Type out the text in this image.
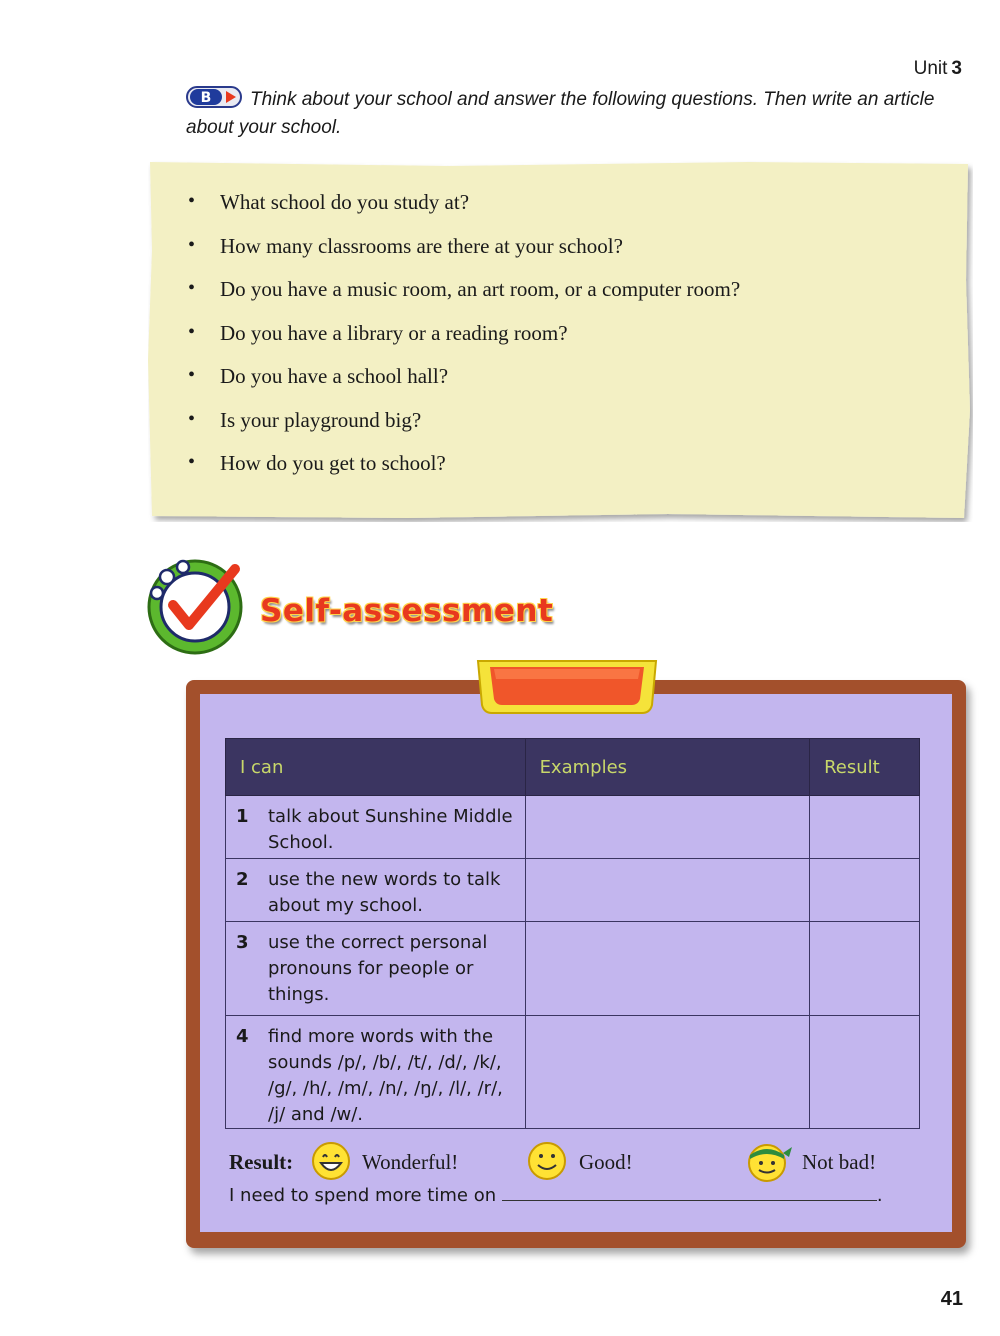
Unit 3
B Think about your school and answer the following questions. Then write an article about your school.
•	What school do you study at?
•	How many classrooms are there at your school?
•	Do you have a music room, an art room, or a computer room?
•	Do you have a library or a reading room?
•	Do you have a school hall?
•	Is your playground big?
•	How do you get to school?
Self-assessment
I can	Examples	Result

1 talk about Sunshine Middle School.		

2 use the new words to talk about my school.		

3 use the correct personal pronouns for people or things.		

4 find more words with the sounds /p/, /b/, /t/, /d/, /k/, /g/, /h/, /m/, /n/, /ŋ/, /l/, /r/, /j/ and /w/.		

Result:	Wonderful!	Good!	Not bad!
I need to spend more time on	.
41
